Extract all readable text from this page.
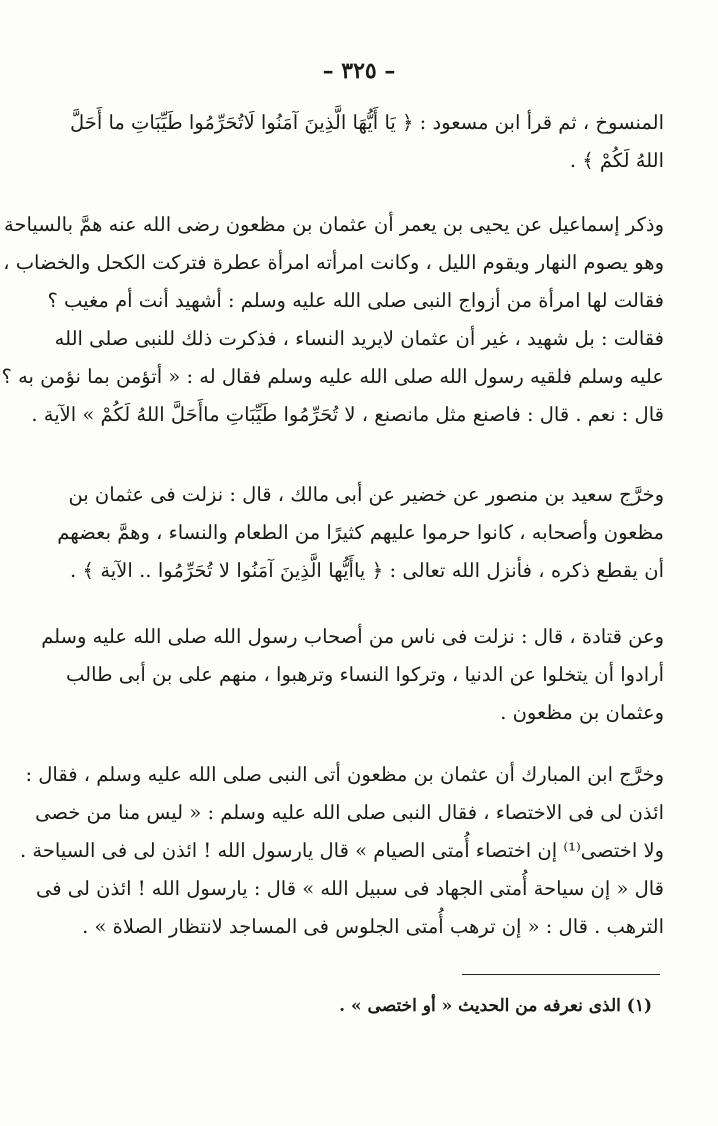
– ٣٢٥ –
المنسوخ ، ثم قرأ ابن مسعود : ﴿ يَا أَيُّهَا الَّذِينَ آمَنُوا لَاتُحَرِّمُوا طَيِّبَاتِ ما أَحَلَّ
اللهُ لَكُمْ ﴾ .
وذكر إسماعيل عن يحيى بن يعمر أن عثمان بن مظعون رضى الله عنه همَّ بالسياحة
وهو يصوم النهار ويقوم الليل ، وكانت امرأته امرأة عطرة فتركت الكحل والخضاب ،
فقالت لها امرأة من أزواج النبى صلى الله عليه وسلم : أشهيد أنت أم مغيب ؟
فقالت : بل شهيد ، غير أن عثمان لايريد النساء ، فذكرت ذلك للنبى صلى الله
عليه وسلم فلقيه رسول الله صلى الله عليه وسلم فقال له : « أتؤمن بما نؤمن به ؟
قال : نعم . قال : فاصنع مثل مانصنع ، لا تُحَرِّمُوا طَيِّبَاتِ ماأَحَلَّ اللهُ لَكُمْ » الآية .
وخرَّج سعيد بن منصور عن خضير عن أبى مالك ، قال : نزلت فى عثمان بن
مظعون وأصحابه ، كانوا حرموا عليهم كثيرًا من الطعام والنساء ، وهمَّ بعضهم
أن يقطع ذكره ، فأنزل الله تعالى : ﴿ ياأَيُّها الَّذِينَ آمَنُوا لا تُحَرِّمُوا .. الآية ﴾ .
وعن قتادة ، قال : نزلت فى ناس من أصحاب رسول الله صلى الله عليه وسلم
أرادوا أن يتخلوا عن الدنيا ، وتركوا النساء وترهبوا ، منهم على بن أبى طالب
وعثمان بن مظعون .
وخرَّج ابن المبارك أن عثمان بن مظعون أتى النبى صلى الله عليه وسلم ، فقال :
ائذن لى فى الاختصاء ، فقال النبى صلى الله عليه وسلم : « ليس منا من خصى
ولا اختصى⁽¹⁾ إن اختصاء أُمتى الصيام » قال يارسول الله ! ائذن لى فى السياحة .
قال « إن سياحة أُمتى الجهاد فى سبيل الله » قال : يارسول الله ! ائذن لى فى
الترهب . قال : « إن ترهب أُمتى الجلوس فى المساجد لانتظار الصلاة » .
(١) الذى نعرفه من الحديث « أو اختصى » .
